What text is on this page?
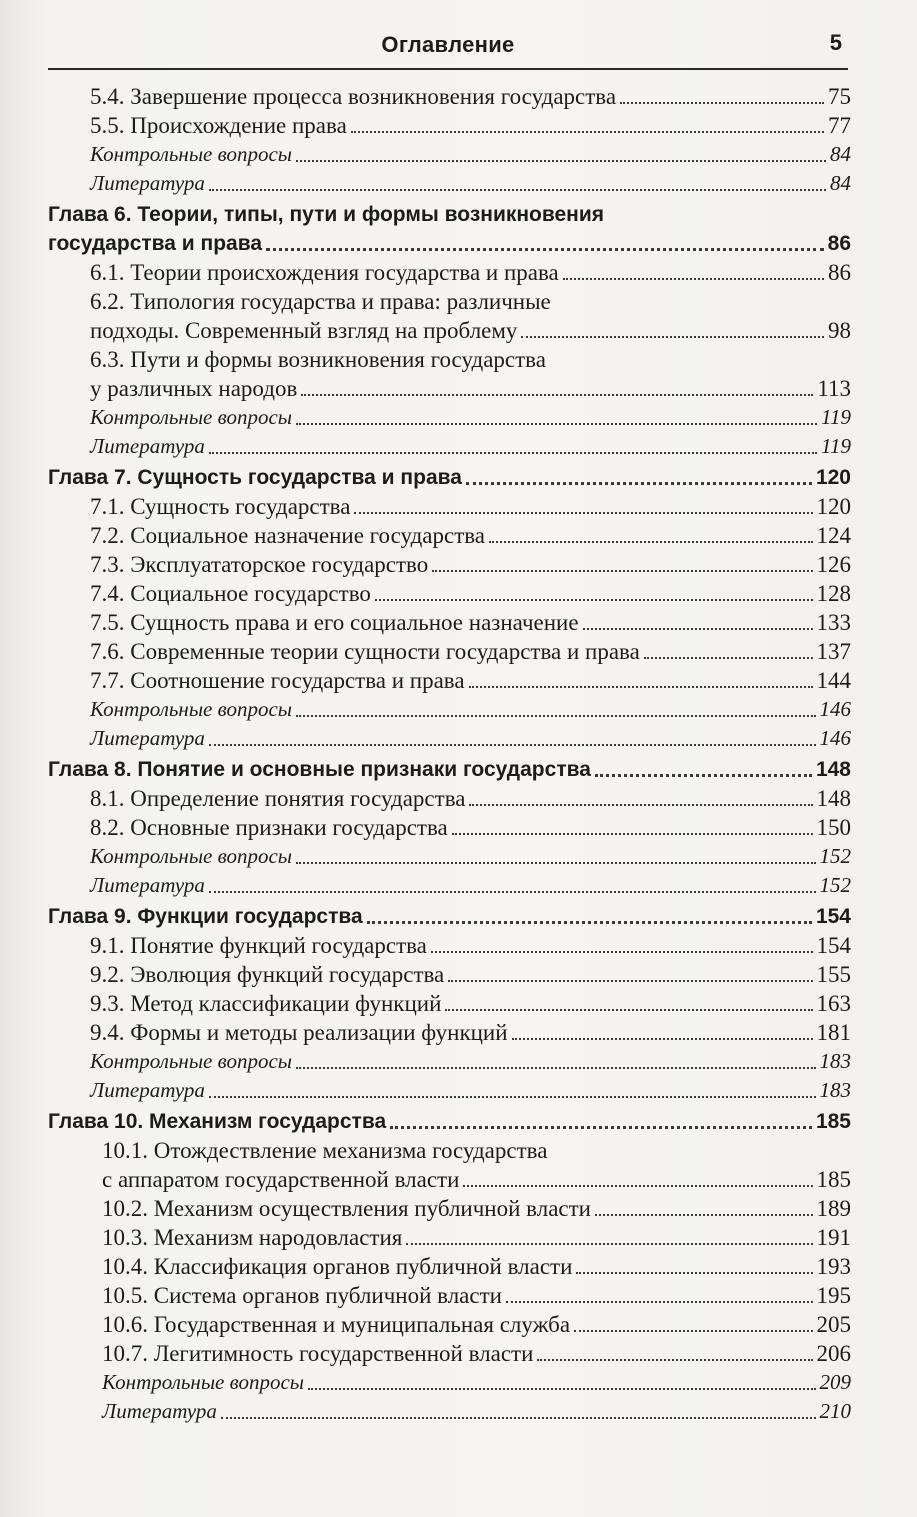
Оглавление	5
5.4. Завершение процесса возникновения государства	75
5.5. Происхождение права	77
Контрольные вопросы	84
Литература	84
Глава 6. Теории, типы, пути и формы возникновения
государства и права	86
6.1. Теории происхождения государства и права	86
6.2. Типология государства и права: различные
подходы. Современный взгляд на проблему	98
6.3. Пути и формы возникновения государства
у различных народов	113
Контрольные вопросы	119
Литература	119
Глава 7. Сущность государства и права	120
7.1. Сущность государства	120
7.2. Социальное назначение государства	124
7.3. Эксплуататорское государство	126
7.4. Социальное государство	128
7.5. Сущность права и его социальное назначение	133
7.6. Современные теории сущности государства и права	137
7.7. Соотношение государства и права	144
Контрольные вопросы	146
Литература	146
Глава 8. Понятие и основные признаки государства	148
8.1. Определение понятия государства	148
8.2. Основные признаки государства	150
Контрольные вопросы	152
Литература	152
Глава 9. Функции государства	154
9.1. Понятие функций государства	154
9.2. Эволюция функций государства	155
9.3. Метод классификации функций	163
9.4. Формы и методы реализации функций	181
Контрольные вопросы	183
Литература	183
Глава 10. Механизм государства	185
10.1. Отождествление механизма государства
с аппаратом государственной власти	185
10.2. Механизм осуществления публичной власти	189
10.3. Механизм народовластия	191
10.4. Классификация органов публичной власти	193
10.5. Система органов публичной власти	195
10.6. Государственная и муниципальная служба	205
10.7. Легитимность государственной власти	206
Контрольные вопросы	209
Литература	210
